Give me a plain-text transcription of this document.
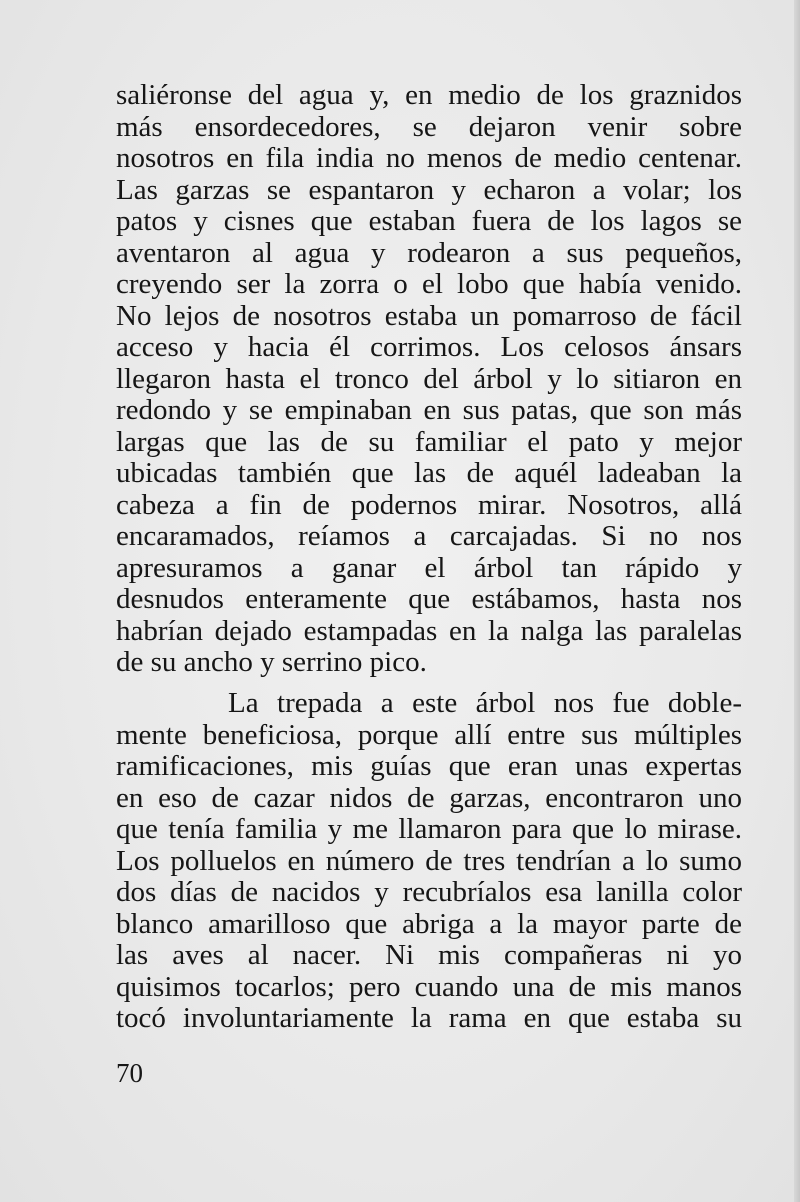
saliéronse del agua y, en medio de los graznidos
más ensordecedores, se dejaron venir sobre
nosotros en fila india no menos de medio centenar.
Las garzas se espantaron y echaron a volar; los
patos y cisnes que estaban fuera de los lagos se
aventaron al agua y rodearon a sus pequeños,
creyendo ser la zorra o el lobo que había venido.
No lejos de nosotros estaba un pomarroso de fácil
acceso y hacia él corrimos. Los celosos ánsars
llegaron hasta el tronco del árbol y lo sitiaron en
redondo y se empinaban en sus patas, que son más
largas que las de su familiar el pato y mejor
ubicadas también que las de aquél ladeaban la
cabeza a fin de podernos mirar. Nosotros, allá
encaramados, reíamos a carcajadas. Si no nos
apresuramos a ganar el árbol tan rápido y
desnudos enteramente que estábamos, hasta nos
habrían dejado estampadas en la nalga las paralelas
de su ancho y serrino pico.
La trepada a este árbol nos fue doble-
mente beneficiosa, porque allí entre sus múltiples
ramificaciones, mis guías que eran unas expertas
en eso de cazar nidos de garzas, encontraron uno
que tenía familia y me llamaron para que lo mirase.
Los polluelos en número de tres tendrían a lo sumo
dos días de nacidos y recubríalos esa lanilla color
blanco amarilloso que abriga a la mayor parte de
las aves al nacer. Ni mis compañeras ni yo
quisimos tocarlos; pero cuando una de mis manos
tocó involuntariamente la rama en que estaba su
70
